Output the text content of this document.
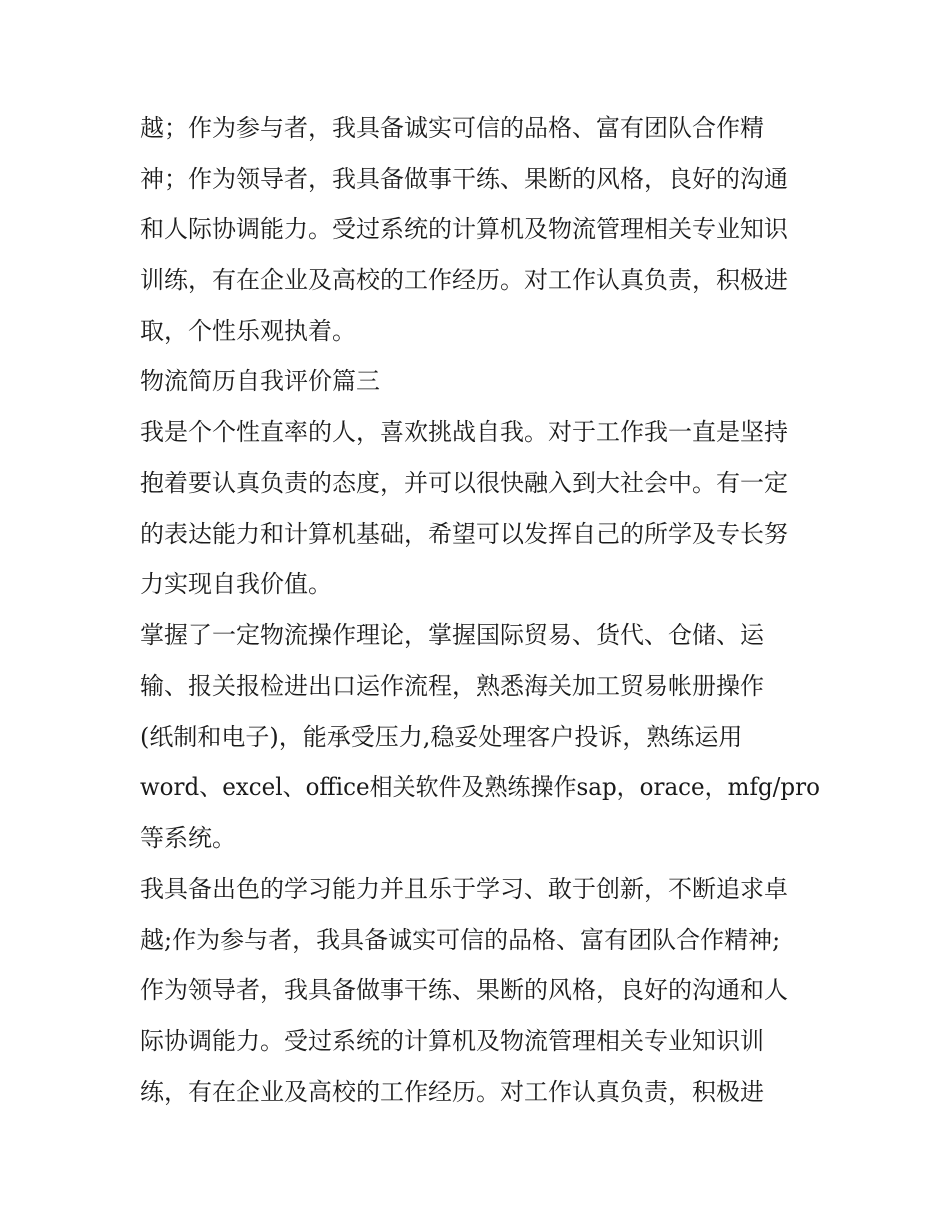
越；作为参与者，我具备诚实可信的品格、富有团队合作精

神；作为领导者，我具备做事干练、果断的风格，良好的沟通

和人际协调能力。受过系统的计算机及物流管理相关专业知识

训练，有在企业及高校的工作经历。对工作认真负责，积极进

取，个性乐观执着。

物流简历自我评价篇三

我是个个性直率的人，喜欢挑战自我。对于工作我一直是坚持

抱着要认真负责的态度，并可以很快融入到大社会中。有一定

的表达能力和计算机基础，希望可以发挥自己的所学及专长努

力实现自我价值。

掌握了一定物流操作理论，掌握国际贸易、货代、仓储、运

输、报关报检进出口运作流程，熟悉海关加工贸易帐册操作

(纸制和电子)，能承受压力,稳妥处理客户投诉，熟练运用

word、excel、office相关软件及熟练操作sap，orace，mfg/pro

等系统。

我具备出色的学习能力并且乐于学习、敢于创新，不断追求卓

越;作为参与者，我具备诚实可信的品格、富有团队合作精神;

作为领导者，我具备做事干练、果断的风格，良好的沟通和人

际协调能力。受过系统的计算机及物流管理相关专业知识训

练，有在企业及高校的工作经历。对工作认真负责，积极进
